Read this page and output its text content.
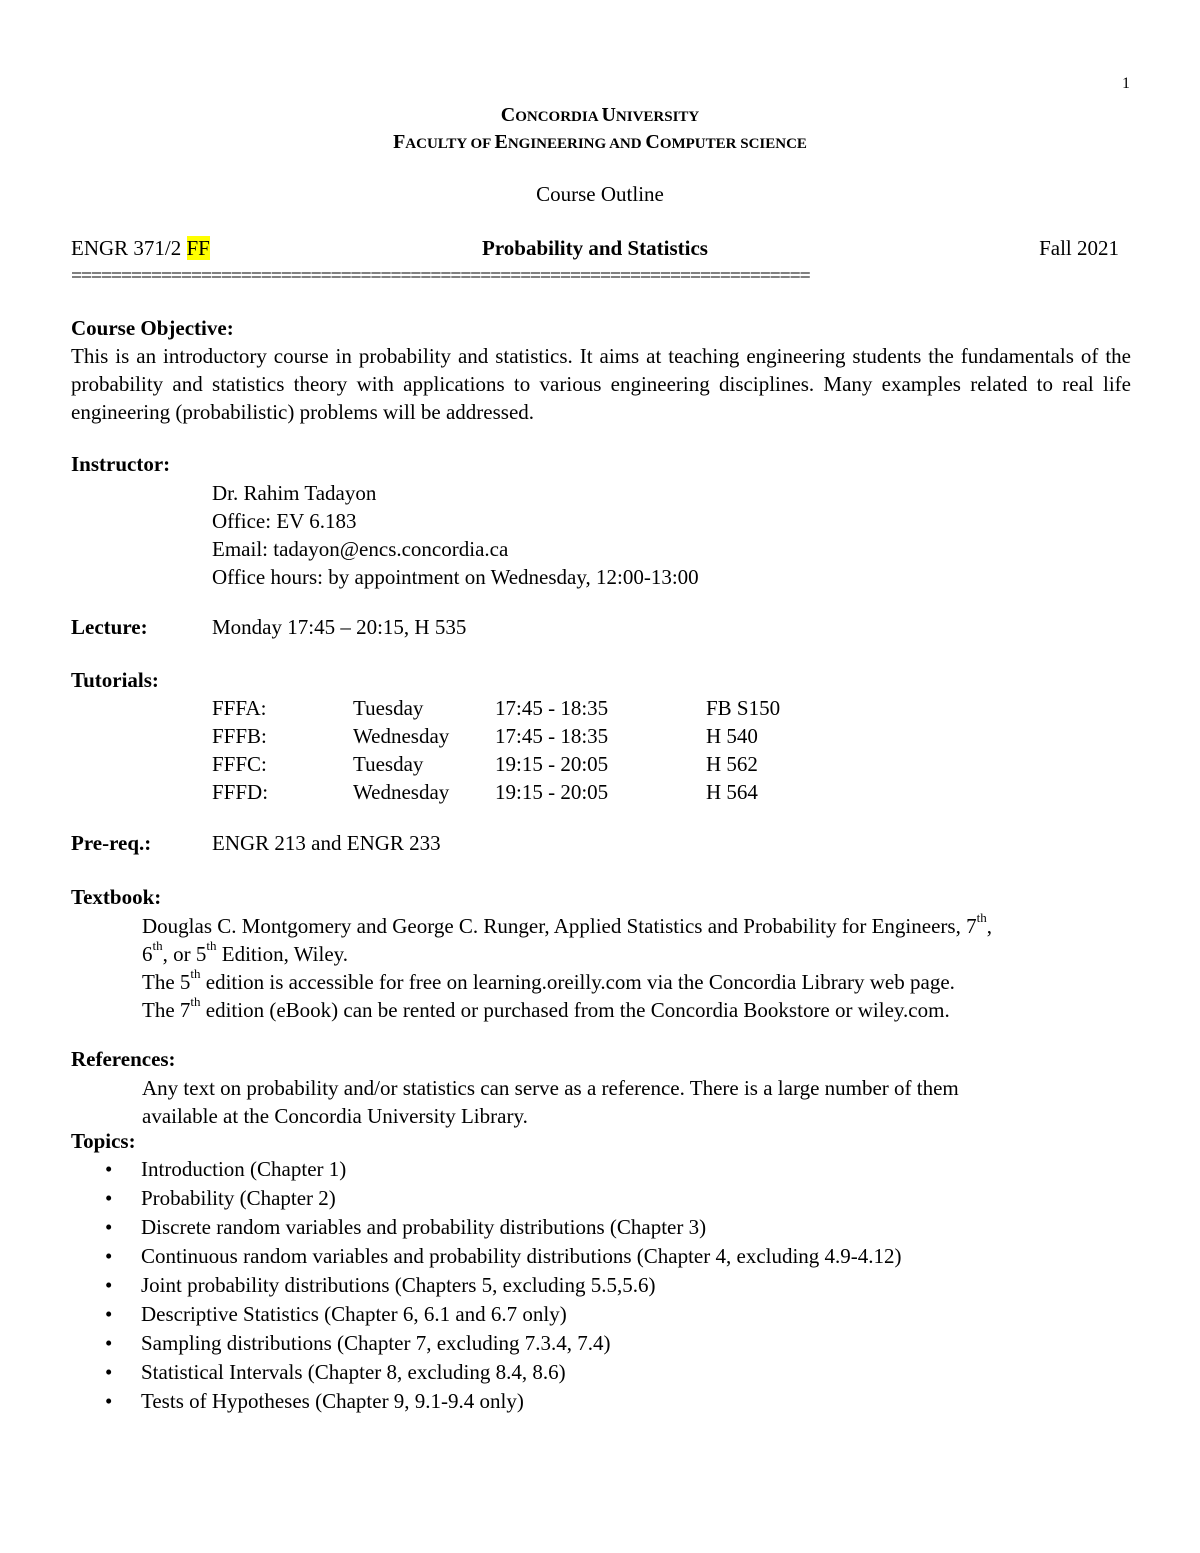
1
CONCORDIA UNIVERSITY
FACULTY OF ENGINEERING AND COMPUTER SCIENCE
Course Outline
Probability and Statistics
ENGR 371/2 FF	Fall 2021
==========================================================================
Course Objective:
This is an introductory course in probability and statistics. It aims at teaching engineering students the fundamentals of the probability and statistics theory with applications to various engineering disciplines. Many examples related to real life engineering (probabilistic) problems will be addressed.
Instructor:
Dr. Rahim Tadayon
Office: EV 6.183
Email: tadayon@encs.concordia.ca
Office hours: by appointment on Wednesday, 12:00-13:00
Lecture:	Monday 17:45 – 20:15, H 535
Tutorials:
FFFA:	Tuesday	17:45 - 18:35	FB S150
FFFB:	Wednesday	17:45 - 18:35	H 540
FFFC:	Tuesday	19:15 - 20:05	H 562
FFFD:	Wednesday	19:15 - 20:05	H 564
Pre-req.:	ENGR 213 and ENGR 233
Textbook:
Douglas C. Montgomery and George C. Runger, Applied Statistics and Probability for Engineers, 7th,
6th, or 5th Edition, Wiley.
The 5th edition is accessible for free on learning.oreilly.com via the Concordia Library web page.
The 7th edition (eBook) can be rented or purchased from the Concordia Bookstore or wiley.com.
References:
Any text on probability and/or statistics can serve as a reference. There is a large number of them
available at the Concordia University Library.
Topics:
• Introduction (Chapter 1)
• Probability (Chapter 2)
• Discrete random variables and probability distributions (Chapter 3)
• Continuous random variables and probability distributions (Chapter 4, excluding 4.9-4.12)
• Joint probability distributions (Chapters 5, excluding 5.5,5.6)
• Descriptive Statistics (Chapter 6, 6.1 and 6.7 only)
• Sampling distributions (Chapter 7, excluding 7.3.4, 7.4)
• Statistical Intervals (Chapter 8, excluding 8.4, 8.6)
• Tests of Hypotheses (Chapter 9, 9.1-9.4 only)
